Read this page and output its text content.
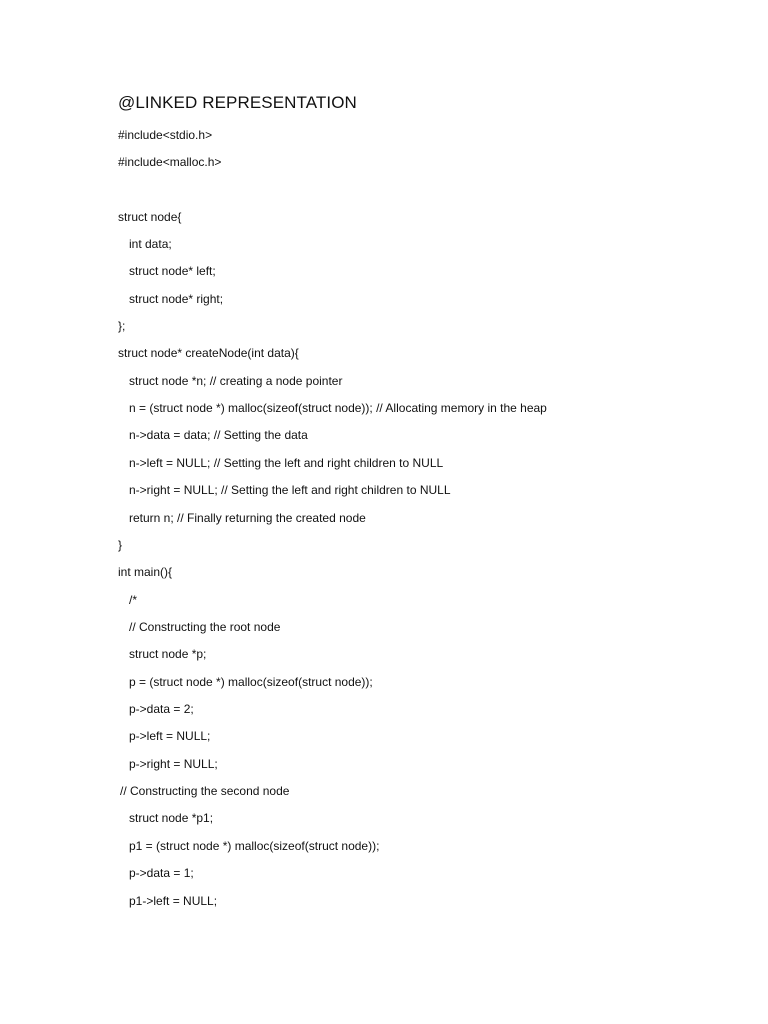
@LINKED REPRESENTATION
#include<stdio.h>
#include<malloc.h>
struct node{
int data;
struct node* left;
struct node* right;
};
struct node* createNode(int data){
struct node *n; // creating a node pointer
n = (struct node *) malloc(sizeof(struct node)); // Allocating memory in the heap
n->data = data; // Setting the data
n->left = NULL; // Setting the left and right children to NULL
n->right = NULL; // Setting the left and right children to NULL
return n; // Finally returning the created node
}
int main(){
/*
// Constructing the root node
struct node *p;
p = (struct node *) malloc(sizeof(struct node));
p->data = 2;
p->left = NULL;
p->right = NULL;
// Constructing the second node
struct node *p1;
p1 = (struct node *) malloc(sizeof(struct node));
p->data = 1;
p1->left = NULL;
